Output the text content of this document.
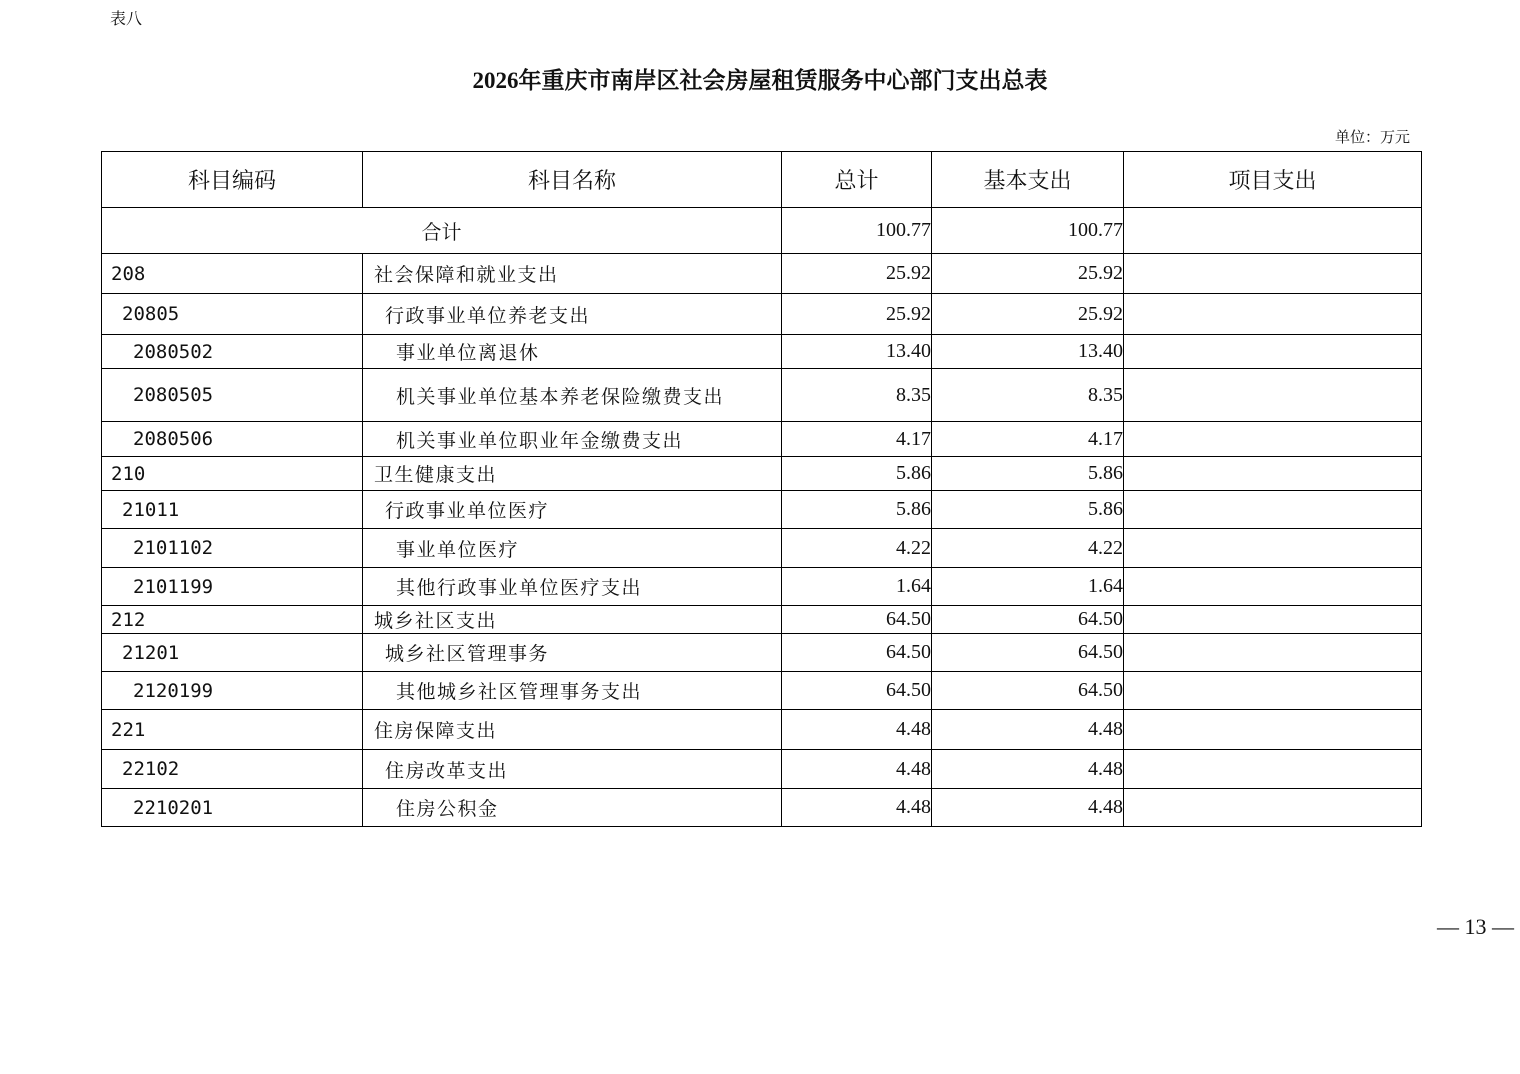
表八
2026年重庆市南岸区社会房屋租赁服务中心部门支出总表
单位：万元
科目编码	科目名称	总计	基本支出	项目支出
合计		100.77	100.77	
208	社会保障和就业支出	25.92	25.92	
20805	行政事业单位养老支出	25.92	25.92	
2080502	事业单位离退休	13.40	13.40	
2080505	机关事业单位基本养老保险缴费支出	8.35	8.35	
2080506	机关事业单位职业年金缴费支出	4.17	4.17	
210	卫生健康支出	5.86	5.86	
21011	行政事业单位医疗	5.86	5.86	
2101102	事业单位医疗	4.22	4.22	
2101199	其他行政事业单位医疗支出	1.64	1.64	
212	城乡社区支出	64.50	64.50	
21201	城乡社区管理事务	64.50	64.50	
2120199	其他城乡社区管理事务支出	64.50	64.50	
221	住房保障支出	4.48	4.48	
22102	住房改革支出	4.48	4.48	
2210201	住房公积金	4.48	4.48	
— 13 —
